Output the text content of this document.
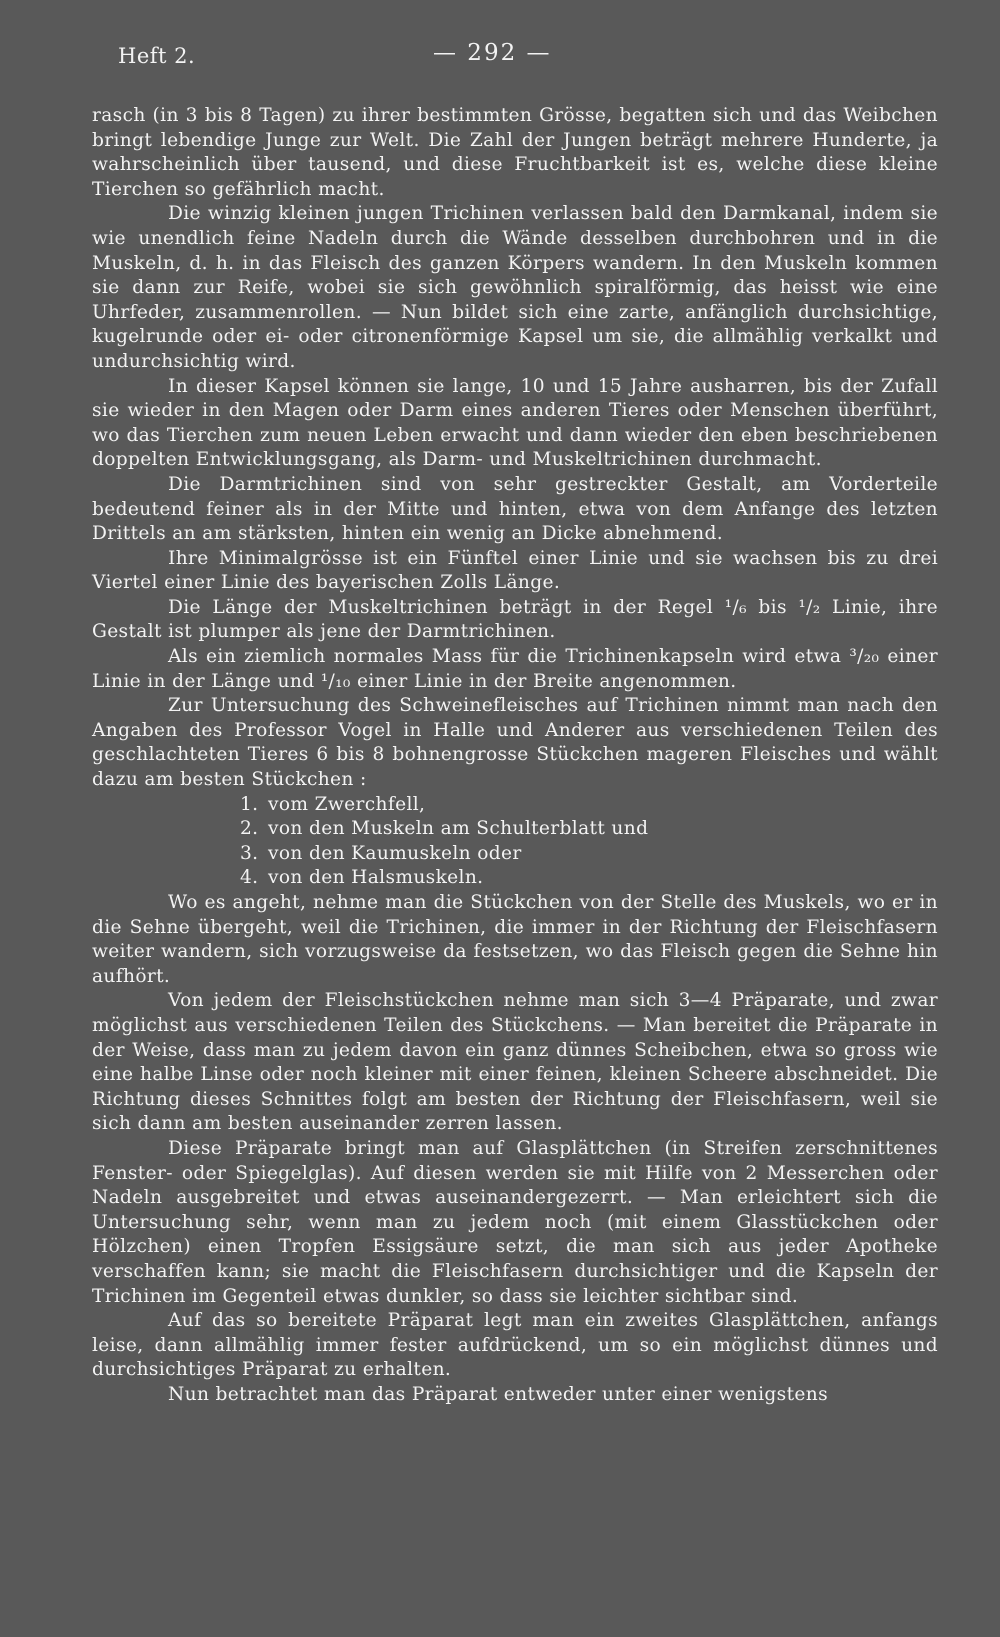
Heft 2.	— 292 —

rasch (in 3 bis 8 Tagen) zu ihrer bestimmten Grösse, begatten sich und das Weibchen bringt lebendige Junge zur Welt. Die Zahl der Jungen beträgt mehrere Hunderte, ja wahrscheinlich über tausend, und diese Fruchtbarkeit ist es, welche diese kleine Tierchen so gefährlich macht.

Die winzig kleinen jungen Trichinen verlassen bald den Darmkanal, indem sie wie unendlich feine Nadeln durch die Wände desselben durchbohren und in die Muskeln, d. h. in das Fleisch des ganzen Körpers wandern. In den Muskeln kommen sie dann zur Reife, wobei sie sich gewöhnlich spiralförmig, das heisst wie eine Uhrfeder, zusammenrollen. — Nun bildet sich eine zarte, anfänglich durchsichtige, kugelrunde oder ei- oder citronenförmige Kapsel um sie, die allmählig verkalkt und undurchsichtig wird.

In dieser Kapsel können sie lange, 10 und 15 Jahre ausharren, bis der Zufall sie wieder in den Magen oder Darm eines anderen Tieres oder Menschen überführt, wo das Tierchen zum neuen Leben erwacht und dann wieder den eben beschriebenen doppelten Entwicklungsgang, als Darm- und Muskeltrichinen durchmacht.

Die Darmtrichinen sind von sehr gestreckter Gestalt, am Vorderteile bedeutend feiner als in der Mitte und hinten, etwa von dem Anfange des letzten Drittels an am stärksten, hinten ein wenig an Dicke abnehmend.

Ihre Minimalgrösse ist ein Fünftel einer Linie und sie wachsen bis zu drei Viertel einer Linie des bayerischen Zolls Länge.

Die Länge der Muskeltrichinen beträgt in der Regel ¹/₆ bis ¹/₂ Linie, ihre Gestalt ist plumper als jene der Darmtrichinen.

Als ein ziemlich normales Mass für die Trichinenkapseln wird etwa ³/₂₀ einer Linie in der Länge und ¹/₁₀ einer Linie in der Breite angenommen.

Zur Untersuchung des Schweinefleisches auf Trichinen nimmt man nach den Angaben des Professor Vogel in Halle und Anderer aus verschiedenen Teilen des geschlachteten Tieres 6 bis 8 bohnengrosse Stückchen mageren Fleisches und wählt dazu am besten Stückchen :

1. vom Zwerchfell,
2. von den Muskeln am Schulterblatt und
3. von den Kaumuskeln oder
4. von den Halsmuskeln.

Wo es angeht, nehme man die Stückchen von der Stelle des Muskels, wo er in die Sehne übergeht, weil die Trichinen, die immer in der Richtung der Fleischfasern weiter wandern, sich vorzugsweise da festsetzen, wo das Fleisch gegen die Sehne hin aufhört.

Von jedem der Fleischstückchen nehme man sich 3—4 Präparate, und zwar möglichst aus verschiedenen Teilen des Stückchens. — Man bereitet die Präparate in der Weise, dass man zu jedem davon ein ganz dünnes Scheibchen, etwa so gross wie eine halbe Linse oder noch kleiner mit einer feinen, kleinen Scheere abschneidet. Die Richtung dieses Schnittes folgt am besten der Richtung der Fleischfasern, weil sie sich dann am besten auseinander zerren lassen.

Diese Präparate bringt man auf Glasplättchen (in Streifen zerschnittenes Fenster- oder Spiegelglas). Auf diesen werden sie mit Hilfe von 2 Messerchen oder Nadeln ausgebreitet und etwas auseinandergezerrt. — Man erleichtert sich die Untersuchung sehr, wenn man zu jedem noch (mit einem Glasstückchen oder Hölzchen) einen Tropfen Essigsäure setzt, die man sich aus jeder Apotheke verschaffen kann; sie macht die Fleischfasern durchsichtiger und die Kapseln der Trichinen im Gegenteil etwas dunkler, so dass sie leichter sichtbar sind.

Auf das so bereitete Präparat legt man ein zweites Glasplättchen, anfangs leise, dann allmählig immer fester aufdrückend, um so ein möglichst dünnes und durchsichtiges Präparat zu erhalten.

Nun betrachtet man das Präparat entweder unter einer wenigstens
